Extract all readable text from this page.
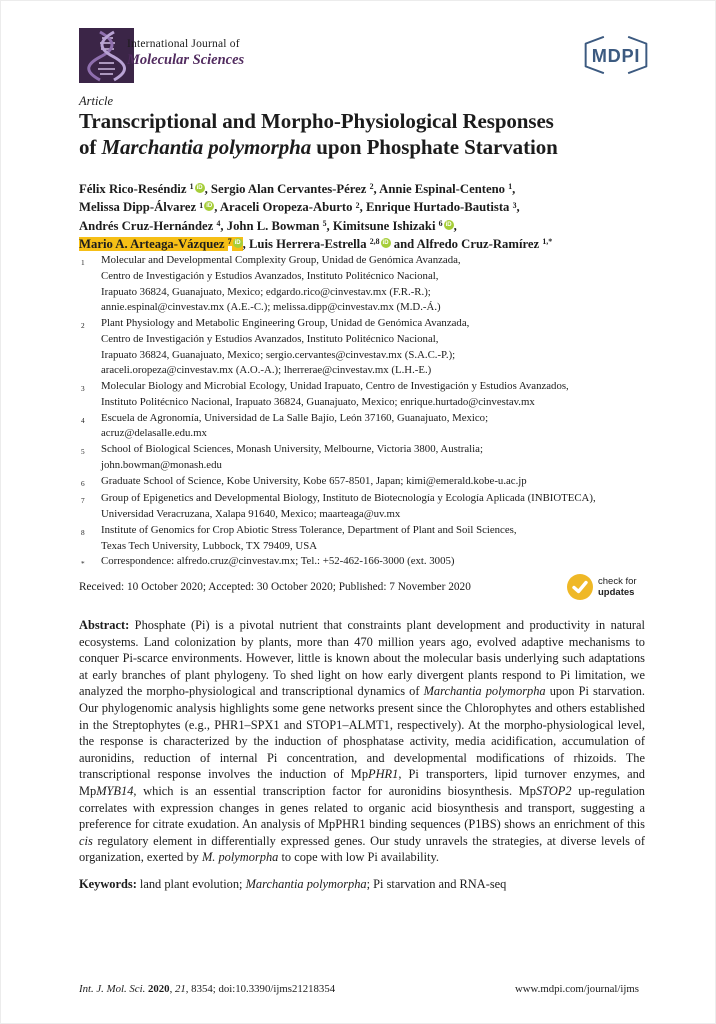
International Journal of
Molecular Sciences	MDPI
Article
Transcriptional and Morpho-Physiological Responses
of Marchantia polymorpha upon Phosphate Starvation
Félix Rico-Reséndiz $^1$ iD , Sergio Alan Cervantes-Pérez $^2$, Annie Espinal-Centeno $^1$,
Melissa Dipp-Álvarez $^1$ iD , Araceli Oropeza-Aburto $^2$, Enrique Hurtado-Bautista $^3$,
Andrés Cruz-Hernández $^4$, John L. Bowman $^5$, Kimitsune Ishizaki $^6$ iD ,
Mario A. Arteaga-Vázquez $^7$ iD , Luis Herrera-Estrella $^{2,8}$ iD and Alfredo Cruz-Ramírez $^{1,*}$
1	Molecular and Developmental Complexity Group, Unidad de Genómica Avanzada,
Centro de Investigación y Estudios Avanzados, Instituto Politécnico Nacional,
Irapuato 36824, Guanajuato, Mexico; edgardo.rico@cinvestav.mx (F.R.-R.);
annie.espinal@cinvestav.mx (A.E.-C.); melissa.dipp@cinvestav.mx (M.D.-Á.)
2	Plant Physiology and Metabolic Engineering Group, Unidad de Genómica Avanzada,
Centro de Investigación y Estudios Avanzados, Instituto Politécnico Nacional,
Irapuato 36824, Guanajuato, Mexico; sergio.cervantes@cinvestav.mx (S.A.C.-P.);
araceli.oropeza@cinvestav.mx (A.O.-A.); lherrerae@cinvestav.mx (L.H.-E.)
3	Molecular Biology and Microbial Ecology, Unidad Irapuato, Centro de Investigación y Estudios Avanzados,
Instituto Politécnico Nacional, Irapuato 36824, Guanajuato, Mexico; enrique.hurtado@cinvestav.mx
4	Escuela de Agronomía, Universidad de La Salle Bajío, León 37160, Guanajuato, Mexico;
acruz@delasalle.edu.mx
5	School of Biological Sciences, Monash University, Melbourne, Victoria 3800, Australia;
john.bowman@monash.edu
6	Graduate School of Science, Kobe University, Kobe 657-8501, Japan; kimi@emerald.kobe-u.ac.jp
7	Group of Epigenetics and Developmental Biology, Instituto de Biotecnología y Ecología Aplicada (INBIOTECA),
Universidad Veracruzana, Xalapa 91640, Mexico; maarteaga@uv.mx
8	Institute of Genomics for Crop Abiotic Stress Tolerance, Department of Plant and Soil Sciences,
Texas Tech University, Lubbock, TX 79409, USA
*	Correspondence: alfredo.cruz@cinvestav.mx; Tel.: +52-462-166-3000 (ext. 3005)
Received: 10 October 2020; Accepted: 30 October 2020; Published: 7 November 2020	check for
updates

Abstract: Phosphate (Pi) is a pivotal nutrient that constraints plant development and productivity in natural ecosystems. Land colonization by plants, more than 470 million years ago, evolved adaptive mechanisms to conquer Pi-scarce environments. However, little is known about the molecular basis underlying such adaptations at early branches of plant phylogeny. To shed light on how early divergent plants respond to Pi limitation, we analyzed the morpho-physiological and transcriptional dynamics of Marchantia polymorpha upon Pi starvation. Our phylogenomic analysis highlights some gene networks present since the Chlorophytes and others established in the Streptophytes (e.g., PHR1–SPX1 and STOP1–ALMT1, respectively). At the morpho-physiological level, the response is characterized by the induction of phosphatase activity, media acidification, accumulation of auronidins, reduction of internal Pi concentration, and developmental modifications of rhizoids. The transcriptional response involves the induction of MpPHR1, Pi transporters, lipid turnover enzymes, and MpMYB14, which is an essential transcription factor for auronidins biosynthesis. MpSTOP2 up-regulation correlates with expression changes in genes related to organic acid biosynthesis and transport, suggesting a preference for citrate exudation. An analysis of MpPHR1 binding sequences (P1BS) shows an enrichment of this cis regulatory element in differentially expressed genes. Our study unravels the strategies, at diverse levels of organization, exerted by M. polymorpha to cope with low Pi availability.

Keywords: land plant evolution; Marchantia polymorpha; Pi starvation and RNA-seq

Int. J. Mol. Sci. 2020, 21, 8354; doi:10.3390/ijms21218354	www.mdpi.com/journal/ijms
